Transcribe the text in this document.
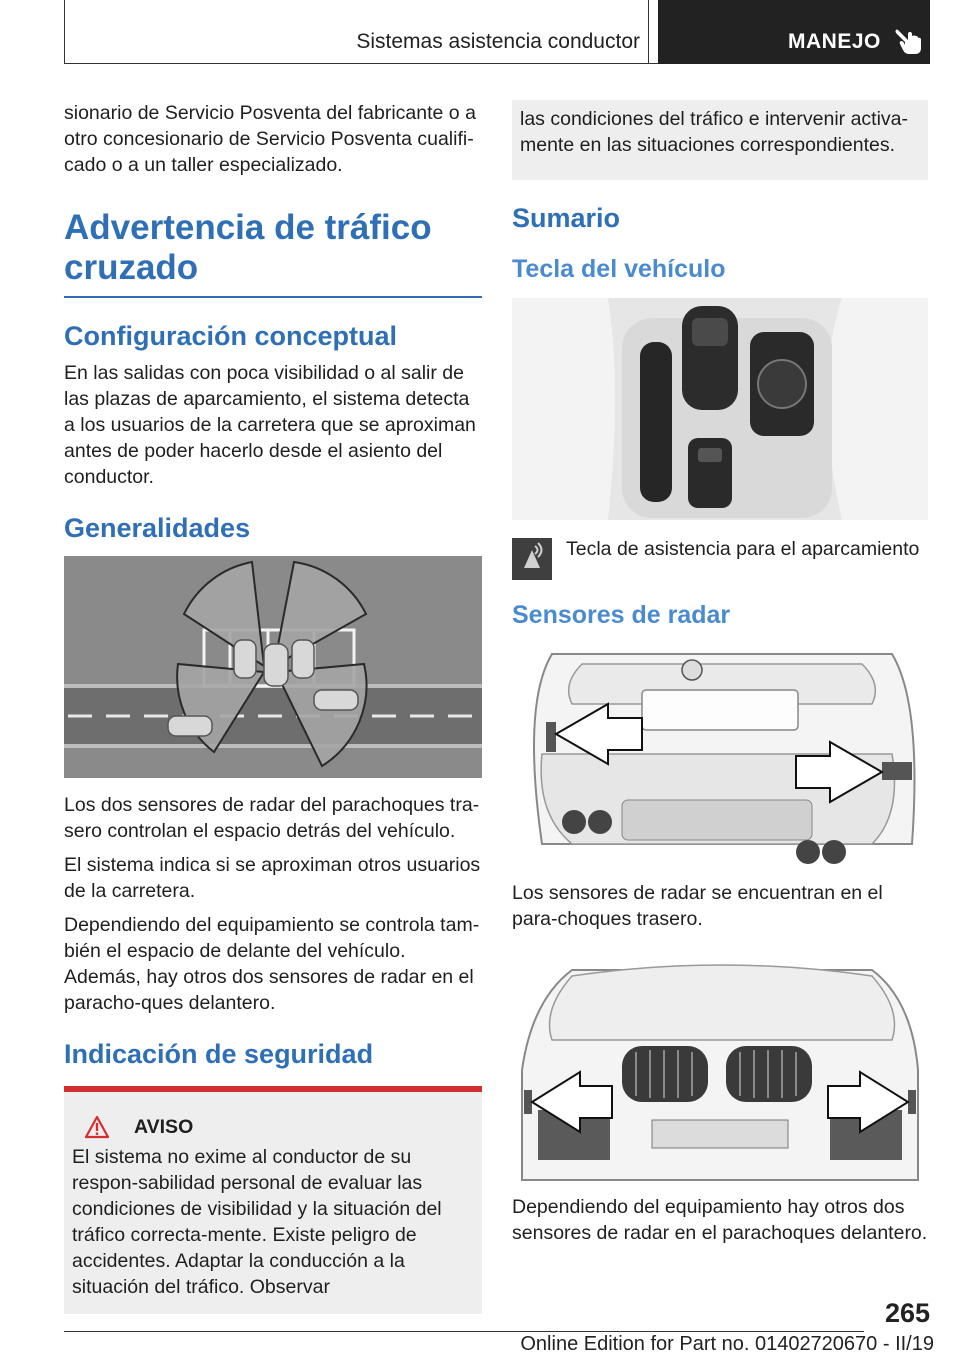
Sistemas asistencia conductor	MANEJO

sionario de Servicio Posventa del fabricante o a otro concesionario de Servicio Posventa cualifi-cado o a un taller especializado.

Advertencia de tráfico cruzado
Configuración conceptual

En las salidas con poca visibilidad o al salir de las plazas de aparcamiento, el sistema detecta a los usuarios de la carretera que se aproximan antes de poder hacerlo desde el asiento del conductor.

Generalidades

Los dos sensores de radar del parachoques tra-sero controlan el espacio detrás del vehículo.

El sistema indica si se aproximan otros usuarios de la carretera.

Dependiendo del equipamiento se controla tam-bién el espacio de delante del vehículo. Además, hay otros dos sensores de radar en el paracho-ques delantero.

Indicación de seguridad
AVISO

El sistema no exime al conductor de su respon-sabilidad personal de evaluar las condiciones de visibilidad y la situación del tráfico correcta-mente. Existe peligro de accidentes. Adaptar la conducción a la situación del tráfico. Observar

las condiciones del tráfico e intervenir activa-mente en las situaciones correspondientes.

Sumario
Tecla del vehículo
Tecla de asistencia para el aparcamiento
Sensores de radar

Los sensores de radar se encuentran en el para-choques trasero.

Dependiendo del equipamiento hay otros dos sensores de radar en el parachoques delantero.

265
Online Edition for Part no. 01402720670 - II/19
